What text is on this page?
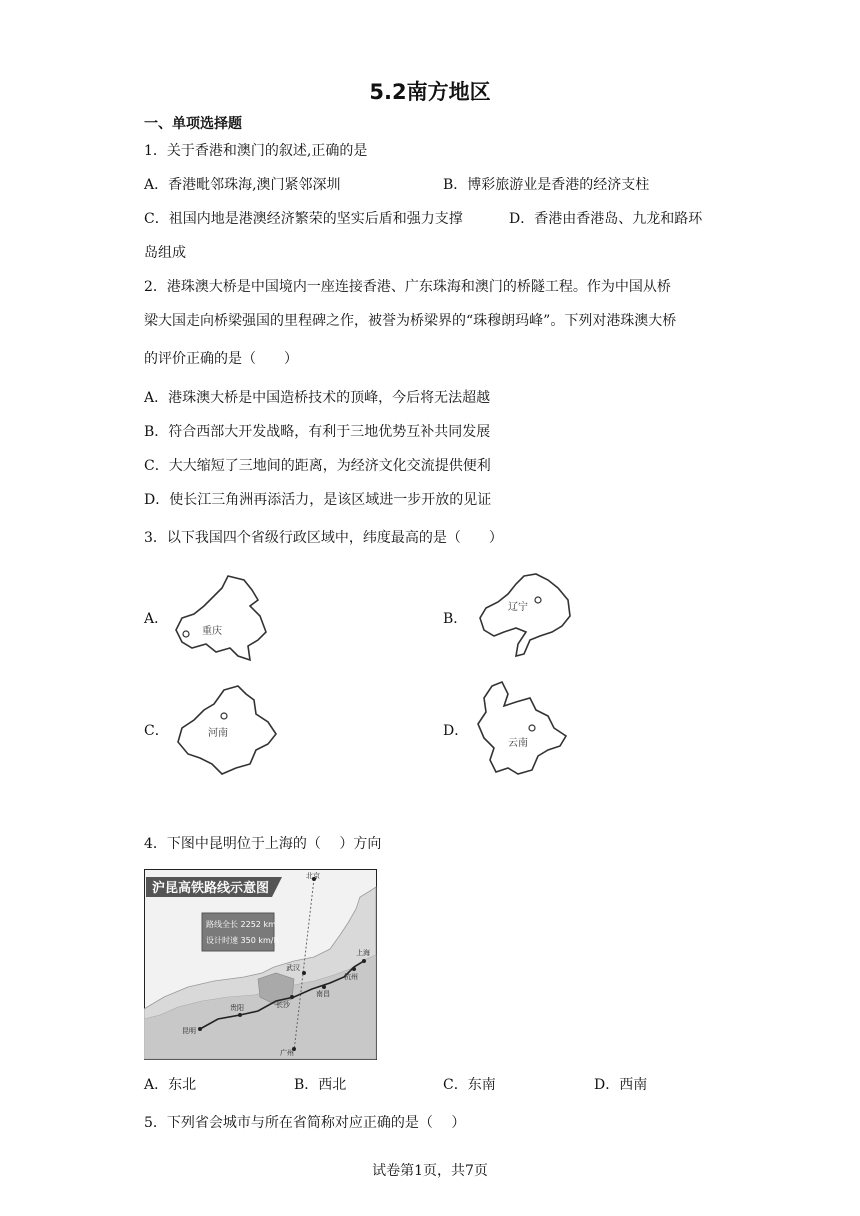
5.2南方地区
一、单项选择题
1．关于香港和澳门的叙述,正确的是
A．香港毗邻珠海,澳门紧邻深圳	B．博彩旅游业是香港的经济支柱
C．祖国内地是港澳经济繁荣的坚实后盾和强力支撑	D．香港由香港岛、九龙和路环
岛组成
2．港珠澳大桥是中国境内一座连接香港、广东珠海和澳门的桥隧工程。作为中国从桥
梁大国走向桥梁强国的里程碑之作，被誉为桥梁界的“珠穆朗玛峰”。下列对港珠澳大桥
的评价正确的是（　　）
A．港珠澳大桥是中国造桥技术的顶峰，今后将无法超越
B．符合西部大开发战略，有利于三地优势互补共同发展
C．大大缩短了三地间的距离，为经济文化交流提供便利
D．使长江三角洲再添活力，是该区域进一步开放的见证
3．以下我国四个省级行政区域中，纬度最高的是（　　）
A．
重庆
B．
辽宁
C．	河南	D．
云南
4．下图中昆明位于上海的（　 ）方向
沪昆高铁路线示意图
路线全长 2252 km
设计时速 350 km/h
北京
上海
杭州
武汉
南昌
长沙
贵阳
昆明
广州
A．东北	B．西北	C．东南	D．西南
5．下列省会城市与所在省简称对应正确的是（　 ）
试卷第1页，共7页
